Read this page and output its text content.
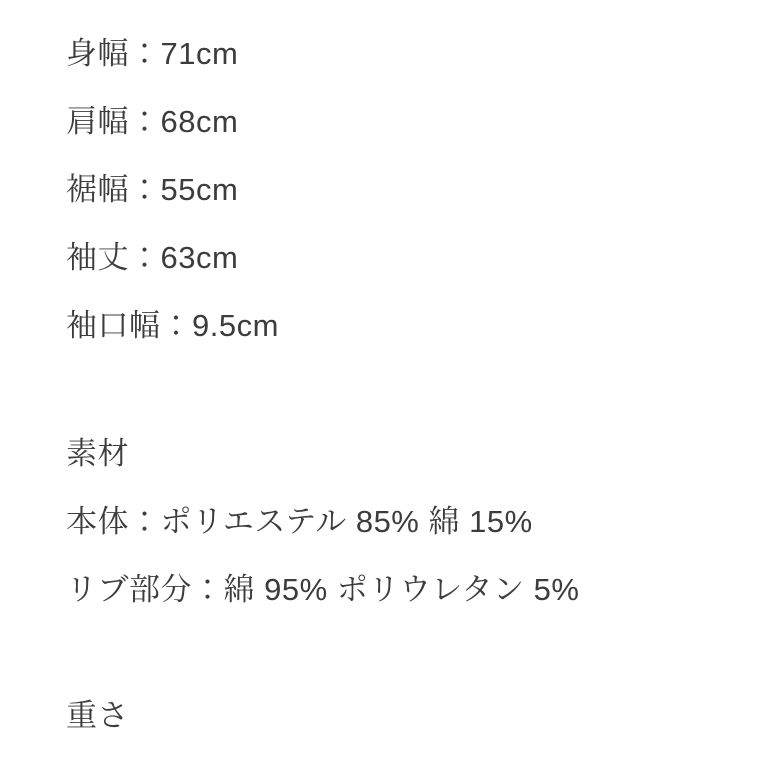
身幅：71cm
肩幅：68cm
裾幅：55cm
袖丈：63cm
袖口幅：9.5cm
素材
本体：ポリエステル 85% 綿 15%
リブ部分：綿 95% ポリウレタン 5%
重さ
